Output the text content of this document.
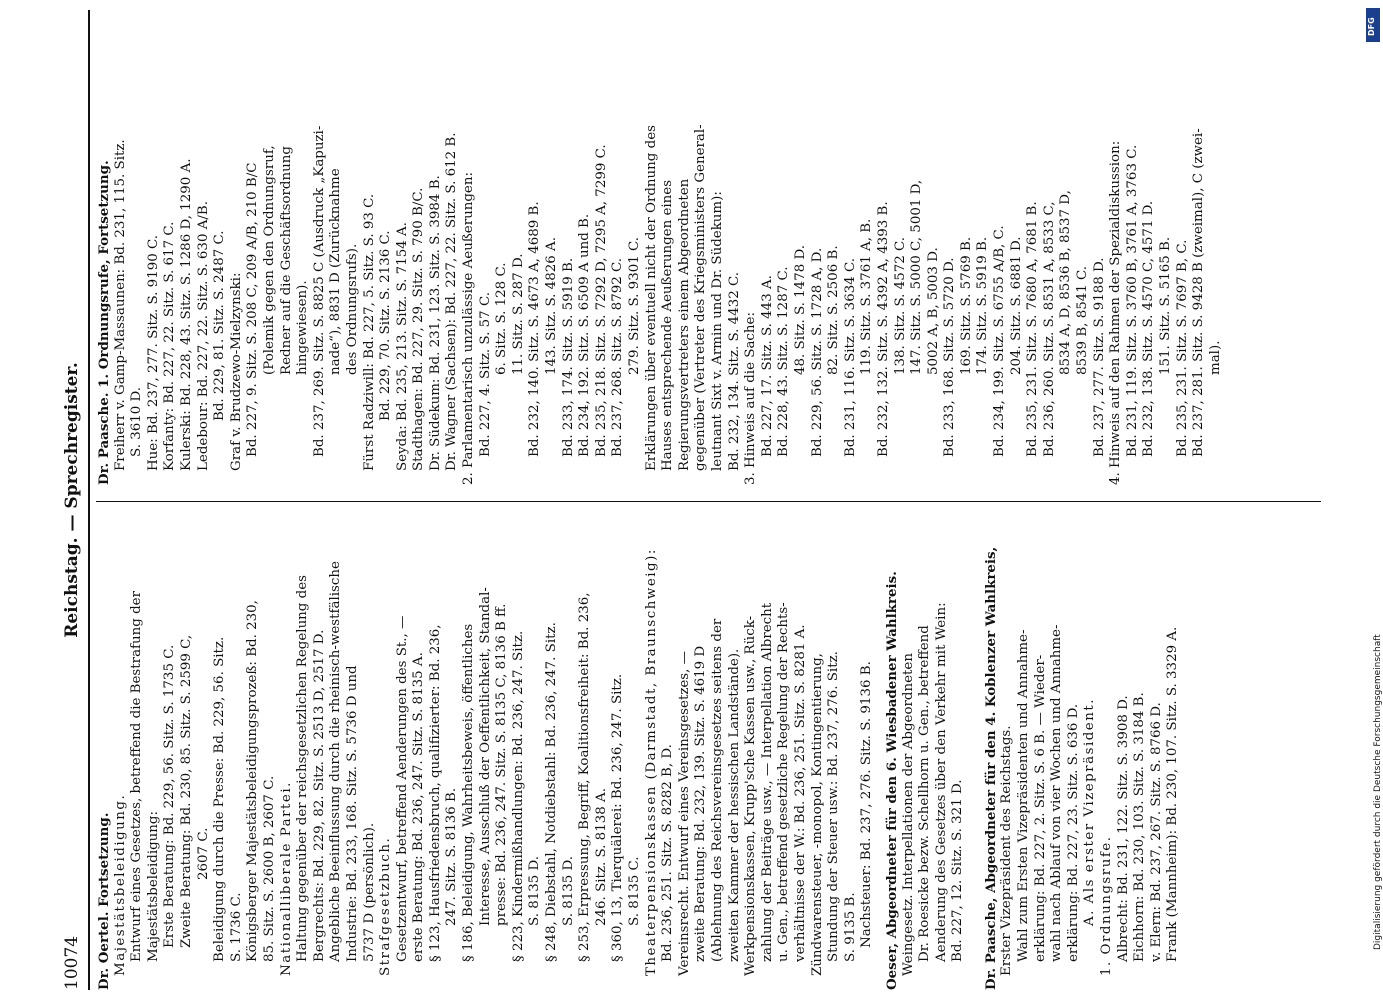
10074
Reichstag. — Sprechregister.
Dr. Oertel. Fortsetzung. Majestätsbeleidigung. Entwurf eines Gesetzes, betreffend die Bestrafung der Majestätsbeleidigung: Erste Beratung: Bd. 229, 56. Sitz. S. 1735 C. Zweite Beratung: Bd. 230, 85. Sitz. S. 2599 C, 2607 C. Beleidigung durch die Presse: Bd. 229, 56. Sitz. S. 1736 C. Königsberger Majestätsbeleidigungsprozeß: Bd. 230, 85. Sitz. S. 2600 B, 2607 C. Nationalliberale Partei. Haltung gegenüber der reichsgesetzlichen Regelung des Bergrechts: Bd. 229, 82. Sitz. S. 2513 D, 2517 D. Angebliche Beeinflussung durch die rheinisch-westfälische Industrie: Bd. 233, 168. Sitz. S. 5736 D und 5737 D (persönlich). Strafgesetzbuch. Gesetzentwurf, betreffend Aenderungen des St., — erste Beratung: Bd. 236, 247. Sitz. S. 8135 A. § 123, Hausfriedensbruch, qualifizierter: Bd. 236, 247. Sitz. S. 8136 B. § 186, Beleidigung, Wahrheitsbeweis, öffentliches Interesse, Ausschluß der Oeffentlichkeit, Standal- presse: Bd. 236, 247. Sitz. S. 8135 C, 8136 B ff. § 223, Kindermißhandlungen: Bd. 236, 247. Sitz. S. 8135 D. § 248, Diebstahl, Notdiebstahl: Bd. 236, 247. Sitz. S. 8135 D. § 253, Erpressung, Begriff, Koalitionsfreiheit: Bd. 236, 246. Sitz. S. 8138 A. § 360, 13, Tierquälerei: Bd. 236, 247. Sitz. S. 8135 C. Theaterpensionskassen (Darmstadt, Braunschweig): Bd. 236, 251. Sitz. S. 8282 B, D. Vereinsrecht. Entwurf eines Vereinsgesetzes, — zweite Beratung: Bd. 232, 139. Sitz. S. 4619 D (Ablehnung des Reichsvereinsgesetzes seitens der zweiten Kammer der hessischen Landstände). Werkpensionskassen, Krupp'sche Kassen usw., Rück- zahlung der Beiträge usw., — Interpellation Albrecht u. Gen., betreffend gesetzliche Regelung der Rechts- verhältnisse der W.: Bd. 236, 251. Sitz. S. 8281 A. Zündwarensteuer, -monopol, Kontingentierung, Stundung der Steuer usw.: Bd. 237, 276. Sitz. S. 9135 B. Nachsteuer: Bd. 237, 276. Sitz. S. 9136 B. Oeser, Abgeordneter für den 6. Wiesbadener Wahlkreis. Weingesetz. Interpellationen der Abgeordneten Dr. Roesicke bezw. Schellhorn u. Gen., betreffend Aenderung des Gesetzes über den Verkehr mit Wein: Bd. 227, 12. Sitz. S. 321 D. Dr. Paasche, Abgeordneter für den 4. Koblenzer Wahlkreis, Erster Vizepräsident des Reichstags. Wahl zum Ersten Vizepräsidenten und Annahme- erklärung: Bd. 227, 2. Sitz. S. 6 B. — Wieder- wahl nach Ablauf von vier Wochen und Annahme- erklärung: Bd. 227, 23. Sitz. S. 636 D. A. Als erster Vizepräsident. 1. Ordnungsrufe. Albrecht: Bd. 231, 122. Sitz. S. 3908 D. Eichhorn: Bd. 230, 103. Sitz. S. 3184 B. v. Elern: Bd. 237, 267. Sitz. S. 8766 D. Frank (Mannheim): Bd. 230, 107. Sitz. S. 3329 A.
Dr. Paasche. 1. Ordnungsrufe, Fortsetzung. Freiherr v. Gamp-Massaunen: Bd. 231, 115. Sitz. S. 3610 D. Hue: Bd. 237, 277. Sitz. S. 9190 C. Korfanty: Bd. 227, 22. Sitz. S. 617 C. Kulerski: Bd. 228, 43. Sitz. S. 1286 D, 1290 A. Ledebour: Bd. 227, 22. Sitz. S. 630 A/B. Bd. 229, 81. Sitz. S. 2487 C. Graf v. Brudzewo-Mielzynski: Bd. 227, 9. Sitz. S. 208 C, 209 A/B, 210 B/C (Polemik gegen den Ordnungsruf, Redner auf die Geschäftsordnung hingewiesen). Bd. 237, 269. Sitz. S. 8825 C (Ausdruck „Kapuzi- nade“), 8831 D (Zurücknahme des Ordnungsrufs). Fürst Radziwill: Bd. 227, 5. Sitz. S. 93 C. Bd. 229, 70. Sitz. S. 2136 C. Seyda: Bd. 235, 213. Sitz. S. 7154 A. Stadthagen: Bd. 227, 29. Sitz. S. 790 B/C. Dr. Südekum: Bd. 231, 123. Sitz. S. 3984 B. Dr. Wagner (Sachsen): Bd. 227, 22. Sitz. S. 612 B. 2. Parlamentarisch unzulässige Aeußerungen: Bd. 227, 4. Sitz. S. 57 C. 6. Sitz. S. 128 C. 11. Sitz. S. 287 D. Bd. 232, 140. Sitz. S. 4673 A, 4689 B. 143. Sitz. S. 4826 A. Bd. 233, 174. Sitz. S. 5919 B. Bd. 234, 192. Sitz. S. 6509 A und B. Bd. 235, 218. Sitz. S. 7292 D, 7295 A, 7299 C. Bd. 237, 268. Sitz. S. 8792 C. 279. Sitz. S. 9301 C. Erklärungen über eventuell nicht der Ordnung des Hauses entsprechende Aeußerungen eines Regierungsvertreters einem Abgeordneten gegenüber (Vertreter des Kriegsministers General- leutnant Sixt v. Armin und Dr. Südekum): Bd. 232, 134. Sitz. S. 4432 C. 3. Hinweis auf die Sache: Bd. 227, 17. Sitz. S. 443 A. Bd. 228, 43. Sitz. S. 1287 C. 48. Sitz. S. 1478 D. Bd. 229, 56. Sitz. S. 1728 A, D. 82. Sitz. S. 2506 B. Bd. 231, 116. Sitz. S. 3634 C. 119. Sitz. S. 3761 A, B. Bd. 232, 132. Sitz. S. 4392 A, 4393 B. 138. Sitz. S. 4572 C. 147. Sitz. S. 5000 C, 5001 D, 5002 A, B, 5003 D. Bd. 233, 168. Sitz. S. 5720 D. 169. Sitz. S. 5769 B. 174. Sitz. S. 5919 B. Bd. 234, 199. Sitz. S. 6755 A/B, C. 204. Sitz. S. 6881 D. Bd. 235, 231. Sitz. S. 7680 A, 7681 B. Bd. 236, 260. Sitz. S. 8531 A, 8533 C, 8534 A, D, 8536 B, 8537 D, 8539 B, 8541 C. Bd. 237, 277. Sitz. S. 9188 D. 4. Hinweis auf den Rahmen der Spezialdiskussion: Bd. 231, 119. Sitz. S. 3760 B, 3761 A, 3763 C. Bd. 232, 138. Sitz. S. 4570 C, 4571 D. 151. Sitz. S. 5165 B. Bd. 235, 231. Sitz. S. 7697 B, C. Bd. 237, 281. Sitz. S. 9428 B (zweimal), C (zwei- mal).
DFG
Digitalisierung gefördert durch die Deutsche Forschungsgemeinschaft
